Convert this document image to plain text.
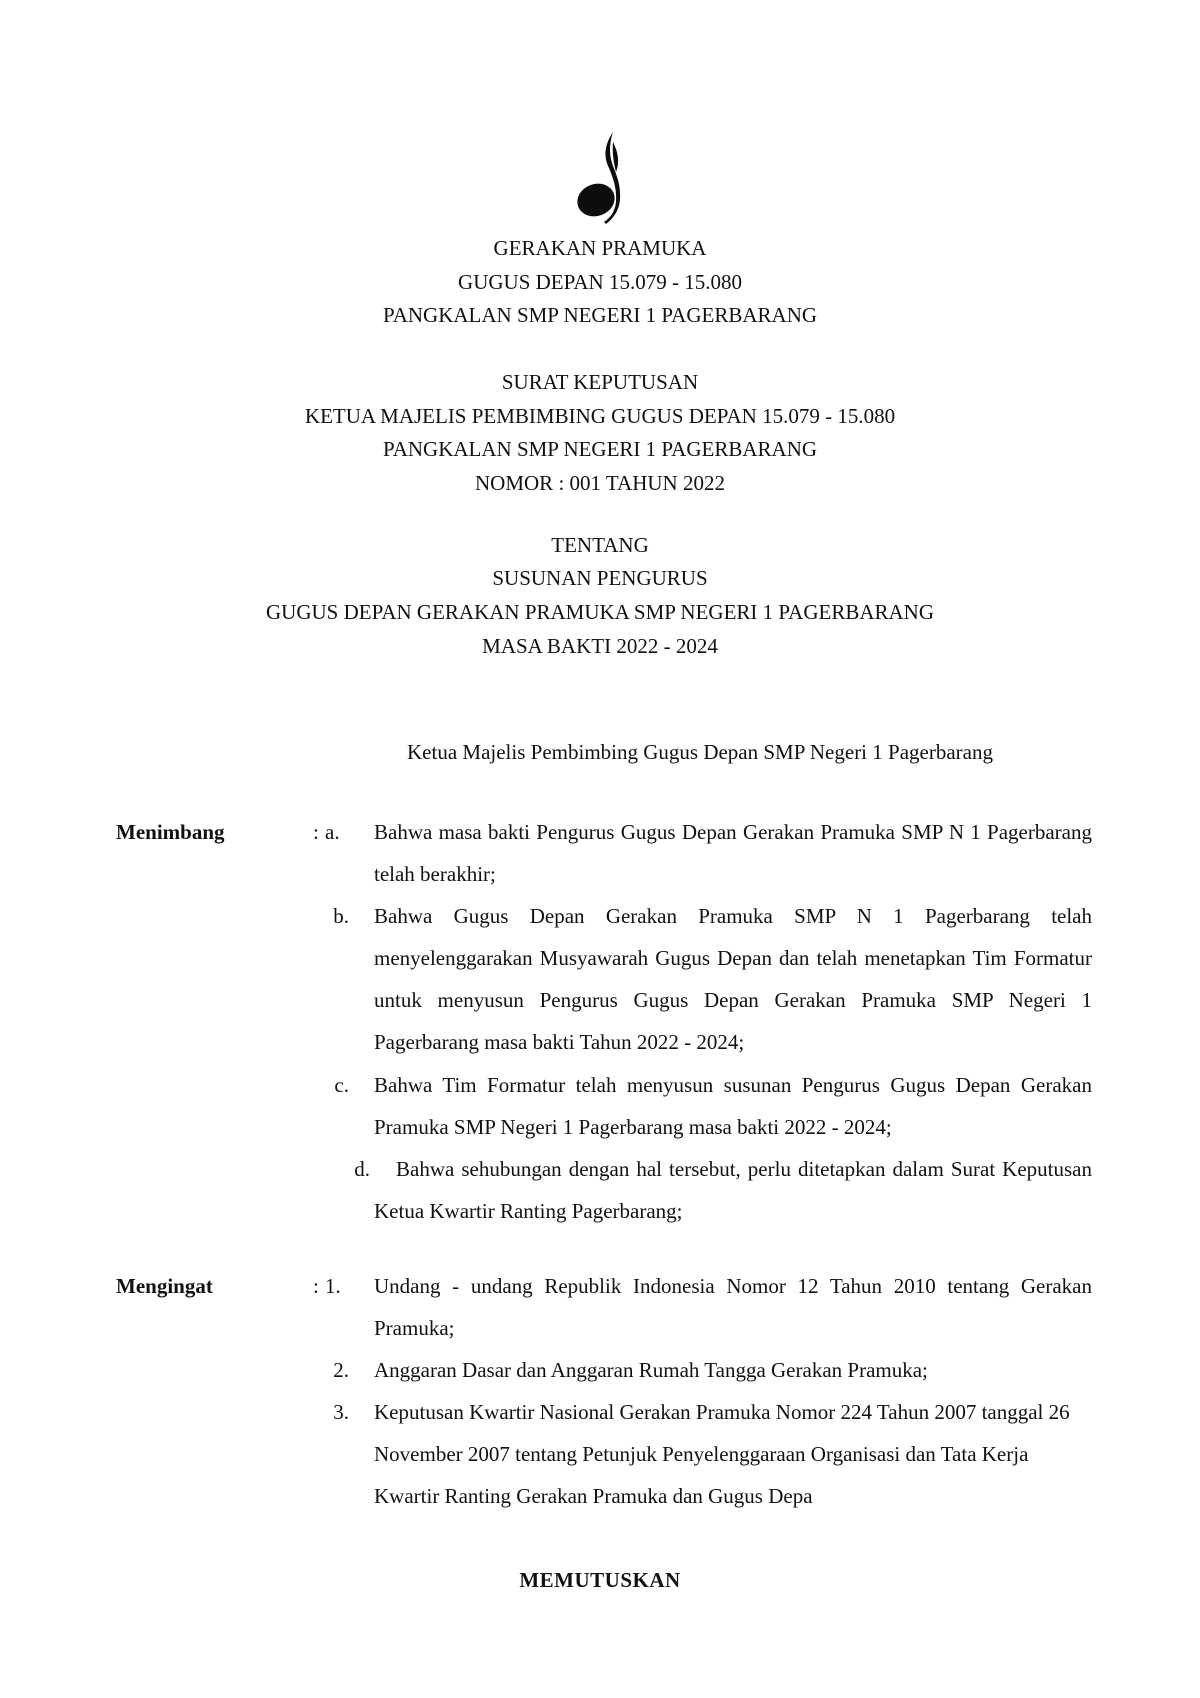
GERAKAN PRAMUKA
GUGUS DEPAN 15.079 - 15.080
PANGKALAN SMP NEGERI 1 PAGERBARANG
SURAT KEPUTUSAN
KETUA MAJELIS PEMBIMBING GUGUS DEPAN 15.079 - 15.080
PANGKALAN SMP NEGERI 1 PAGERBARANG
NOMOR : 001 TAHUN 2022
TENTANG
SUSUNAN PENGURUS
GUGUS DEPAN GERAKAN PRAMUKA SMP NEGERI 1 PAGERBARANG
MASA BAKTI 2022 - 2024
Ketua Majelis Pembimbing Gugus Depan SMP Negeri 1 Pagerbarang
Menimbang	: a. Bahwa masa bakti Pengurus Gugus Depan Gerakan Pramuka SMP N 1 Pagerbarang telah berakhir;
b. Bahwa Gugus Depan Gerakan Pramuka SMP N 1 Pagerbarang telah menyelenggarakan Musyawarah Gugus Depan dan telah menetapkan Tim Formatur untuk menyusun Pengurus Gugus Depan Gerakan Pramuka SMP Negeri 1 Pagerbarang masa bakti Tahun 2022 - 2024;
c. Bahwa Tim Formatur telah menyusun susunan Pengurus Gugus Depan Gerakan Pramuka SMP Negeri 1 Pagerbarang masa bakti 2022 - 2024;
d.	Bahwa sehubungan dengan hal tersebut, perlu ditetapkan dalam Surat Keputusan Ketua Kwartir Ranting Pagerbarang;
Mengingat	: 1. Undang - undang Republik Indonesia Nomor 12 Tahun 2010 tentang Gerakan Pramuka;
2. Anggaran Dasar dan Anggaran Rumah Tangga Gerakan Pramuka;
3. Keputusan Kwartir Nasional Gerakan Pramuka Nomor 224 Tahun 2007 tanggal 26 November 2007 tentang Petunjuk Penyelenggaraan Organisasi dan Tata Kerja Kwartir Ranting Gerakan Pramuka dan Gugus Depa
MEMUTUSKAN
